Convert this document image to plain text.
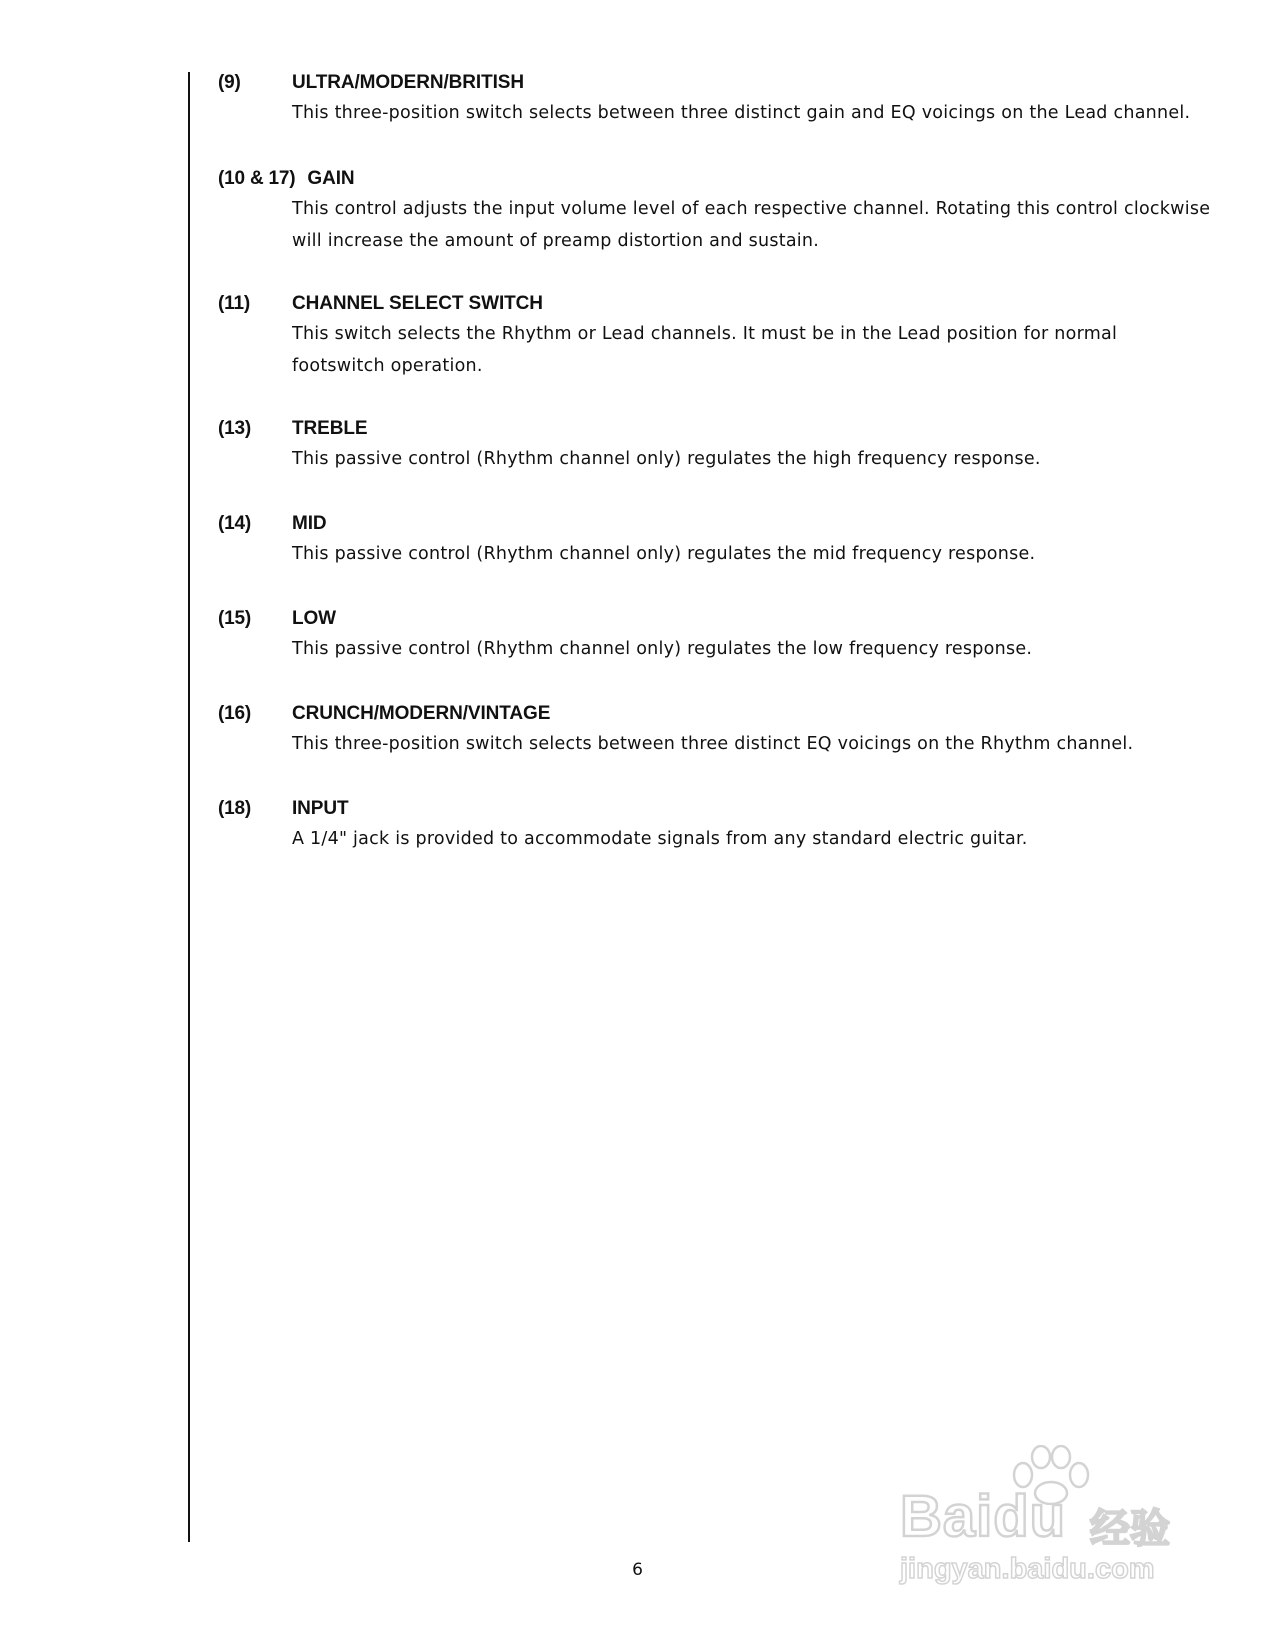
(9)	ULTRA/MODERN/BRITISH

This three-position switch selects between three distinct gain and EQ voicings on the Lead channel.

(10 & 17) GAIN

This control adjusts the input volume level of each respective channel. Rotating this control clockwise will increase the amount of preamp distortion and sustain.

(11) CHANNEL SELECT SWITCH

This switch selects the Rhythm or Lead channels. It must be in the Lead position for normal footswitch operation.

(13) TREBLE

This passive control (Rhythm channel only) regulates the high frequency response.

(14) MID

This passive control (Rhythm channel only) regulates the mid frequency response.

(15) LOW

This passive control (Rhythm channel only) regulates the low frequency response.

(16) CRUNCH/MODERN/VINTAGE

This three-position switch selects between three distinct EQ voicings on the Rhythm channel.

(18) INPUT

A 1/4" jack is provided to accommodate signals from any standard electric guitar.

6
Baidu 经验
jingyan.baidu.com
